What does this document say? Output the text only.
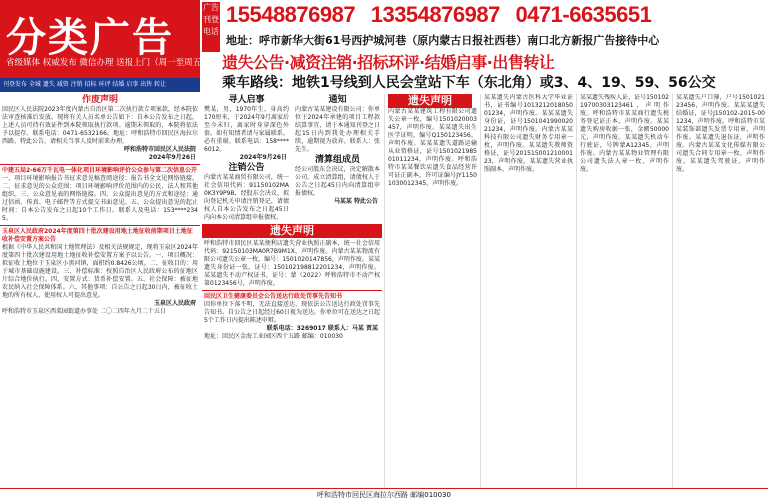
分类广告
省级媒体 权威发布 微信办理 送报上门（周一至周五出刊）
刊登发布 全城 遗失 减资 注销 招标 环评 结婚 启事 出售 转让
广告刊登电话
15548876987 13354876987 0471-6635651
地址：呼市新华大街61号西护城河巷（原内蒙古日报社西巷）南口北方新报广告接待中心
遗失公告·减资注销·招标环评·结婚启事·出售转让
乘车路线：地铁1号线到人民会堂站下车（东北角）或3、4、19、59、56公交
作废声明
回民区人民法院2023年度内蒙古自治区第二次执行款专项案款，经本院依法审查核准后发放，现将有关人员名单公告如下：自本公告发布之日起，上述人员可持有效证件到本院领取执行款项。逾期未领取的，本院将依法予以提存。联系电话：0471-6532166，地址：呼和浩特市回民区海拉尔西路。特此公告，请相关当事人及时前来办理。
呼和浩特市回民区人民法院
2024年9月26日
中建五局2-66万千瓦电一体化项目环境影响评价公众参与第二次信息公开
一、项目环境影响报告书征求意见稿查阅途径：报告书全文见网络链接。二、征求意见的公众范围：项目环境影响评价范围内的公民、法人和其他组织。三、公众意见表的网络链接。四、公众提出意见的方式和途径：通过信函、传真、电子邮件等方式提交书面意见。五、公众提出意见的起止时间：自本公告发布之日起10个工作日。联系人及电话：153****2345。
玉泉区人民政府2024年度第四十批次建设用地土地征收前期项目土地征收补偿安置方案公告
根据《中华人民共和国土地管理法》及相关法规规定，现将玉泉区2024年度第四十批次建设用地土地征收补偿安置方案予以公告。一、项目概况：拟征收土地位于玉泉区小黑河镇，面积约0.8426公顷。二、征收目的：用于城市基础设施建设。三、补偿标准：按照自治区人民政府公布的征地区片综合地价执行。四、安置方式：货币补偿安置。五、社会保障：被征地农民纳入社会保障体系。六、其他事项：自公告之日起30日内，被征收土地的所有权人、使用权人可提出意见。
玉泉区人民政府
呼和浩特市玉泉区西菜园街道办事处 二〇二四年九月二十五日
寻人启事
樊某，男，1970年生，身高约170厘米，于2024年9月离家后至今未归，离家时身穿深色外套。如有知情者请与家属联系，必有重谢。联系电话：158****6012。
2024年9月26日
注销公告
内蒙古某某商贸有限公司，统一社会信用代码：91150102MA0K3Y9P9B，经股东会决议，拟向登记机关申请注销登记，请债权人自本公告发布之日起45日内向本公司清算组申报债权。
通知
内蒙古某某建设有限公司：你单位于2024年承建的项目工程款结算事宜，请于本通知刊登之日起15日内到我处办理相关手续，逾期视为放弃。联系人：张先生。
清算组成员
经公司股东会决议，决定解散本公司，成立清算组，请债权人于公告之日起45日内向清算组申报债权。
马某某 特此公告
遗失声明
呼和浩特市回民区某某便利店遗失营业执照正副本，统一社会信用代码：92150103MA0R7B9M1X，声明作废。内蒙古某某物流有限公司遗失公章一枚，编号：1501020147856，声明作废。某某遗失身份证一张，证号：150102198812201234，声明作废。某某遗失不动产权证书，证号：蒙（2022）呼和浩特市不动产权第0123456号，声明作废。
回民区卫生健康委员会公告送达行政处罚事先告知书
因你单位下落不明，无法直接送达，现依法公告送达行政处罚事先告知书。自公告之日起经过60日视为送达。你单位可在送达之日起5个工作日内提出陈述申辩。
联系电话：3269017 联系人：马某 贾某
地址：回民区金海工业园区西十五路 邮编：010030
遗失声明
内蒙古某某建筑工程有限公司遗失公章一枚，编号1501020003457，声明作废。某某遗失出生医学证明，编号Q150123456，声明作废。某某某遗失道路运输从业资格证，证号150102198501011234，声明作废。呼和浩特市某某餐饮店遗失食品经营许可证正副本，许可证编号JY11501030012345，声明作废。
某某遗失内蒙古医科大学毕业证书，证书编号101321201805001234，声明作废。某某某遗失身份证，证号150104199002021234，声明作废。内蒙古某某科技有限公司遗失财务专用章一枚，声明作废。某某遗失教师资格证，证号20151500121000123，声明作废。某某遗失营业执照副本，声明作废。
某某遗失残疾人证，证号15010219700303123461，声明作废。呼和浩特市某某商行遗失税务登记证正本，声明作废。某某遗失购房收据一张，金额50000元，声明作废。某某遗失机动车行驶证，号牌蒙A12345，声明作废。内蒙古某某物业管理有限公司遗失法人章一枚，声明作废。
某某遗失户口簿，户号150102123456，声明作废。某某某遗失结婚证，证号J150102-2015-001234，声明作废。呼和浩特市某某装饰部遗失发票专用章，声明作废。某某遗失退伍证，声明作废。内蒙古某某文化传媒有限公司遗失合同专用章一枚，声明作废。某某遗失驾驶证，声明作废。
呼和浩特市回民区海拉尔西路 邮编010030
